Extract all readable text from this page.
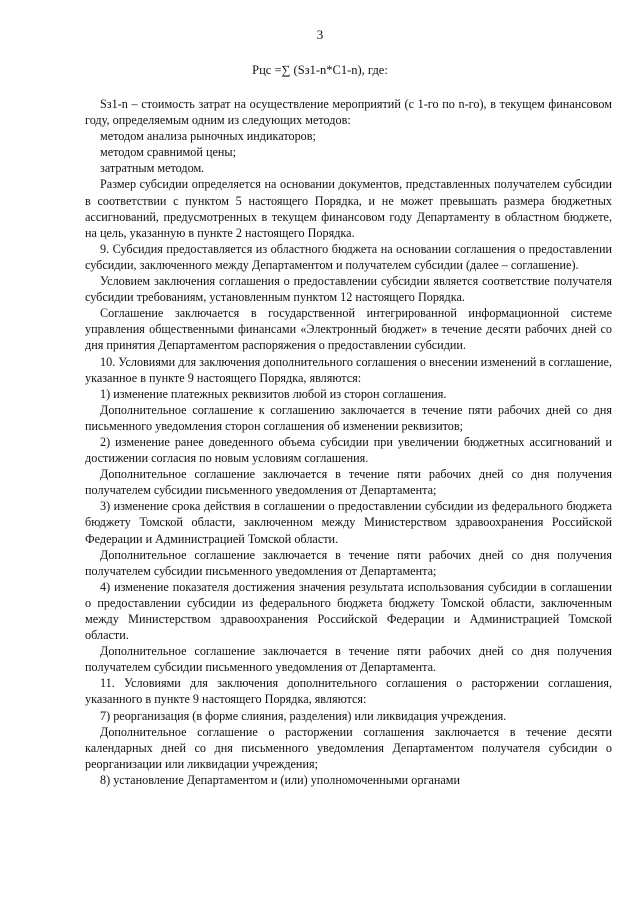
3
Pцс =∑ (Sз1-n*C1-n), где:

Sз1-n – стоимость затрат на осуществление мероприятий (с 1-го по n-го), в текущем финансовом году, определяемым одним из следующих методов:

методом анализа рыночных индикаторов;

методом сравнимой цены;

затратным методом.

Размер субсидии определяется на основании документов, представленных получателем субсидии в соответствии с пунктом 5 настоящего Порядка, и не может превышать размера бюджетных ассигнований, предусмотренных в текущем финансовом году Департаменту в областном бюджете, на цель, указанную в пункте 2 настоящего Порядка.

9. Субсидия предоставляется из областного бюджета на основании соглашения о предоставлении субсидии, заключенного между Департаментом и получателем субсидии (далее – соглашение).

Условием заключения соглашения о предоставлении субсидии является соответствие получателя субсидии требованиям, установленным пунктом 12 настоящего Порядка.

Соглашение заключается в государственной интегрированной информационной системе управления общественными финансами «Электронный бюджет» в течение десяти рабочих дней со дня принятия Департаментом распоряжения о предоставлении субсидии.

10. Условиями для заключения дополнительного соглашения о внесении изменений в соглашение, указанное в пункте 9 настоящего Порядка, являются:

1) изменение платежных реквизитов любой из сторон соглашения.

Дополнительное соглашение к соглашению заключается в течение пяти рабочих дней со дня письменного уведомления сторон соглашения об изменении реквизитов;

2) изменение ранее доведенного объема субсидии при увеличении бюджетных ассигнований и достижении согласия по новым условиям соглашения.

Дополнительное соглашение заключается в течение пяти рабочих дней со дня получения получателем субсидии письменного уведомления от Департамента;

3) изменение срока действия в соглашении о предоставлении субсидии из федерального бюджета бюджету Томской области, заключенном между Министерством здравоохранения Российской Федерации и Администрацией Томской области.

Дополнительное соглашение заключается в течение пяти рабочих дней со дня получения получателем субсидии письменного уведомления от Департамента;

4) изменение показателя достижения значения результата использования субсидии в соглашении о предоставлении субсидии из федерального бюджета бюджету Томской области, заключенным между Министерством здравоохранения Российской Федерации и Администрацией Томской области.

Дополнительное соглашение заключается в течение пяти рабочих дней со дня получения получателем субсидии письменного уведомления от Департамента.

11. Условиями для заключения дополнительного соглашения о расторжении соглашения, указанного в пункте 9 настоящего Порядка, являются:

7) реорганизация (в форме слияния, разделения) или ликвидация учреждения.

Дополнительное соглашение о расторжении соглашения заключается в течение десяти календарных дней со дня письменного уведомления Департаментом получателя субсидии о реорганизации или ликвидации учреждения;

8) установление Департаментом и (или) уполномоченными органами
